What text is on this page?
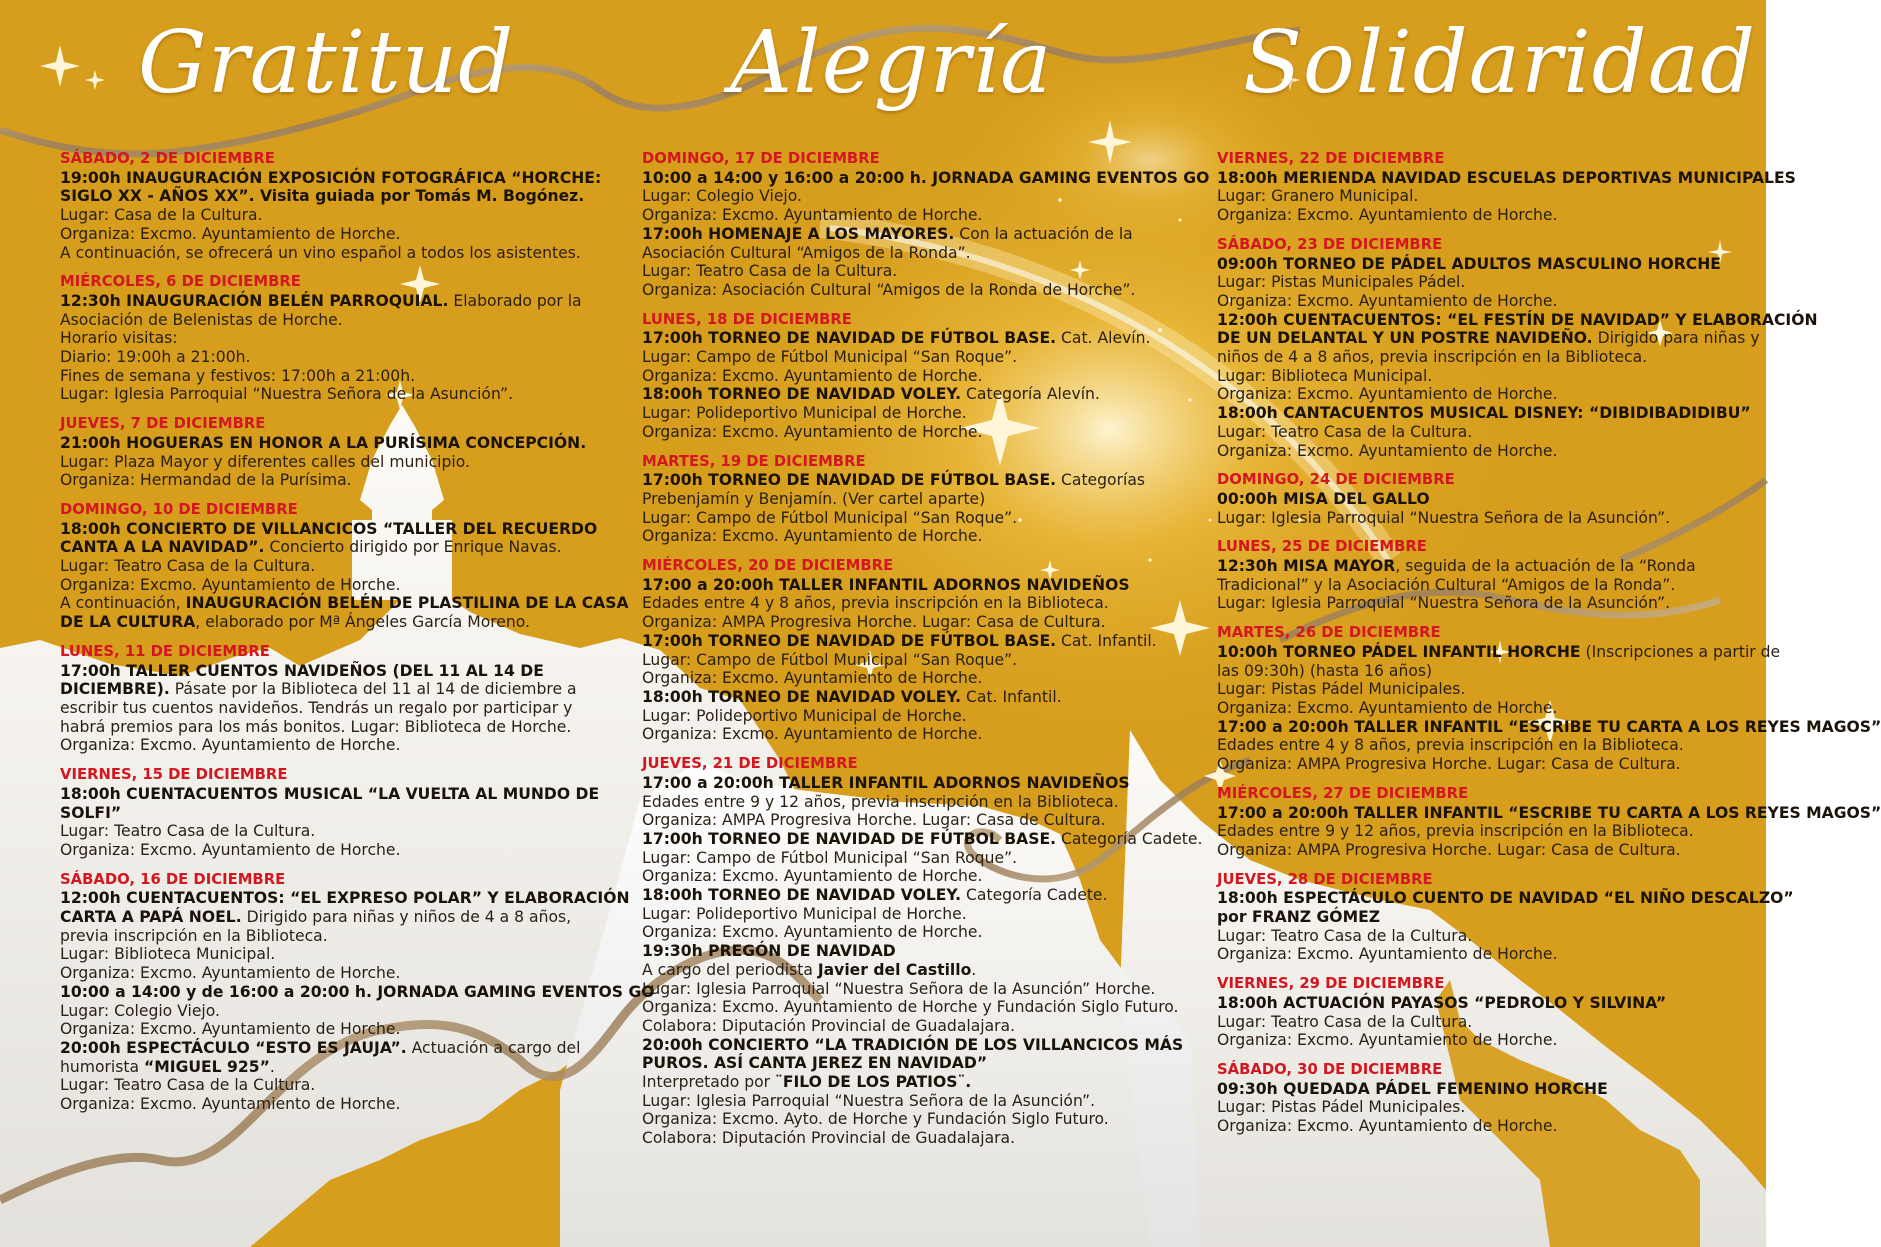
Gratitud	Alegría Solidaridad
SÁBADO, 2 DE DICIEMBRE
19:00h INAUGURACIÓN EXPOSICIÓN FOTOGRÁFICA “HORCHE:
SIGLO XX - AÑOS XX”. Visita guiada por Tomás M. Bogónez.
Lugar: Casa de la Cultura.
Organiza: Excmo. Ayuntamiento de Horche.
A continuación, se ofrecerá un vino español a todos los asistentes.
MIÉRCOLES, 6 DE DICIEMBRE
12:30h INAUGURACIÓN BELÉN PARROQUIAL. Elaborado por la
Asociación de Belenistas de Horche.
Horario visitas:
Diario: 19:00h a 21:00h.
Fines de semana y festivos: 17:00h a 21:00h.
Lugar: Iglesia Parroquial “Nuestra Señora de la Asunción”.
JUEVES, 7 DE DICIEMBRE
21:00h HOGUERAS EN HONOR A LA PURÍSIMA CONCEPCIÓN.
Lugar: Plaza Mayor y diferentes calles del municipio.
Organiza: Hermandad de la Purísima.
DOMINGO, 10 DE DICIEMBRE
18:00h CONCIERTO DE VILLANCICOS “TALLER DEL RECUERDO
CANTA A LA NAVIDAD”. Concierto dirigido por Enrique Navas.
Lugar: Teatro Casa de la Cultura.
Organiza: Excmo. Ayuntamiento de Horche.
A continuación, INAUGURACIÓN BELÉN DE PLASTILINA DE LA CASA
DE LA CULTURA, elaborado por Mª Ángeles García Moreno.
LUNES, 11 DE DICIEMBRE
17:00h TALLER CUENTOS NAVIDEÑOS (DEL 11 AL 14 DE
DICIEMBRE). Pásate por la Biblioteca del 11 al 14 de diciembre a
escribir tus cuentos navideños. Tendrás un regalo por participar y
habrá premios para los más bonitos. Lugar: Biblioteca de Horche.
Organiza: Excmo. Ayuntamiento de Horche.
VIERNES, 15 DE DICIEMBRE
18:00h CUENTACUENTOS MUSICAL “LA VUELTA AL MUNDO DE
SOLFI”
Lugar: Teatro Casa de la Cultura.
Organiza: Excmo. Ayuntamiento de Horche.
SÁBADO, 16 DE DICIEMBRE
12:00h CUENTACUENTOS: “EL EXPRESO POLAR” Y ELABORACIÓN
CARTA A PAPÁ NOEL. Dirigido para niñas y niños de 4 a 8 años,
previa inscripción en la Biblioteca.
Lugar: Biblioteca Municipal.
Organiza: Excmo. Ayuntamiento de Horche.
10:00 a 14:00 y de 16:00 a 20:00 h. JORNADA GAMING EVENTOS GO
Lugar: Colegio Viejo.
Organiza: Excmo. Ayuntamiento de Horche.
20:00h ESPECTÁCULO “ESTO ES JAUJA”. Actuación a cargo del
humorista “MIGUEL 925”.
Lugar: Teatro Casa de la Cultura.
Organiza: Excmo. Ayuntamiento de Horche.
DOMINGO, 17 DE DICIEMBRE
10:00 a 14:00 y 16:00 a 20:00 h. JORNADA GAMING EVENTOS GO
Lugar: Colegio Viejo.
Organiza: Excmo. Ayuntamiento de Horche.
17:00h HOMENAJE A LOS MAYORES. Con la actuación de la
Asociación Cultural “Amigos de la Ronda”.
Lugar: Teatro Casa de la Cultura.
Organiza: Asociación Cultural “Amigos de la Ronda de Horche”.
LUNES, 18 DE DICIEMBRE
17:00h TORNEO DE NAVIDAD DE FÚTBOL BASE. Cat. Alevín.
Lugar: Campo de Fútbol Municipal “San Roque”.
Organiza: Excmo. Ayuntamiento de Horche.
18:00h TORNEO DE NAVIDAD VOLEY. Categoría Alevín.
Lugar: Polideportivo Municipal de Horche.
Organiza: Excmo. Ayuntamiento de Horche.
MARTES, 19 DE DICIEMBRE
17:00h TORNEO DE NAVIDAD DE FÚTBOL BASE. Categorías
Prebenjamín y Benjamín. (Ver cartel aparte)
Lugar: Campo de Fútbol Municipal “San Roque”.
Organiza: Excmo. Ayuntamiento de Horche.
MIÉRCOLES, 20 DE DICIEMBRE
17:00 a 20:00h TALLER INFANTIL ADORNOS NAVIDEÑOS
Edades entre 4 y 8 años, previa inscripción en la Biblioteca.
Organiza: AMPA Progresiva Horche. Lugar: Casa de Cultura.
17:00h TORNEO DE NAVIDAD DE FÚTBOL BASE. Cat. Infantil.
Lugar: Campo de Fútbol Municipal “San Roque”.
Organiza: Excmo. Ayuntamiento de Horche.
18:00h TORNEO DE NAVIDAD VOLEY. Cat. Infantil.
Lugar: Polideportivo Municipal de Horche.
Organiza: Excmo. Ayuntamiento de Horche.
JUEVES, 21 DE DICIEMBRE
17:00 a 20:00h TALLER INFANTIL ADORNOS NAVIDEÑOS
Edades entre 9 y 12 años, previa inscripción en la Biblioteca.
Organiza: AMPA Progresiva Horche. Lugar: Casa de Cultura.
17:00h TORNEO DE NAVIDAD DE FÚTBOL BASE. Categoría Cadete.
Lugar: Campo de Fútbol Municipal “San Roque”.
Organiza: Excmo. Ayuntamiento de Horche.
18:00h TORNEO DE NAVIDAD VOLEY. Categoría Cadete.
Lugar: Polideportivo Municipal de Horche.
Organiza: Excmo. Ayuntamiento de Horche.
19:30h PREGÓN DE NAVIDAD
A cargo del periodista Javier del Castillo.
Lugar: Iglesia Parroquial “Nuestra Señora de la Asunción” Horche.
Organiza: Excmo. Ayuntamiento de Horche y Fundación Siglo Futuro.
Colabora: Diputación Provincial de Guadalajara.
20:00h CONCIERTO “LA TRADICIÓN DE LOS VILLANCICOS MÁS
PUROS. ASÍ CANTA JEREZ EN NAVIDAD”
Interpretado por ¨FILO DE LOS PATIOS¨.
Lugar: Iglesia Parroquial “Nuestra Señora de la Asunción”.
Organiza: Excmo. Ayto. de Horche y Fundación Siglo Futuro.
Colabora: Diputación Provincial de Guadalajara.
VIERNES, 22 DE DICIEMBRE
18:00h MERIENDA NAVIDAD ESCUELAS DEPORTIVAS MUNICIPALES
Lugar: Granero Municipal.
Organiza: Excmo. Ayuntamiento de Horche.
SÁBADO, 23 DE DICIEMBRE
09:00h TORNEO DE PÁDEL ADULTOS MASCULINO HORCHE
Lugar: Pistas Municipales Pádel.
Organiza: Excmo. Ayuntamiento de Horche.
12:00h CUENTACUENTOS: “EL FESTÍN DE NAVIDAD” Y ELABORACIÓN
DE UN DELANTAL Y UN POSTRE NAVIDEÑO. Dirigido para niñas y
niños de 4 a 8 años, previa inscripción en la Biblioteca.
Lugar: Biblioteca Municipal.
Organiza: Excmo. Ayuntamiento de Horche.
18:00h CANTACUENTOS MUSICAL DISNEY: “DIBIDIBADIDIBU”
Lugar: Teatro Casa de la Cultura.
Organiza: Excmo. Ayuntamiento de Horche.
DOMINGO, 24 DE DICIEMBRE
00:00h MISA DEL GALLO
Lugar: Iglesia Parroquial “Nuestra Señora de la Asunción”.
LUNES, 25 DE DICIEMBRE
12:30h MISA MAYOR, seguida de la actuación de la “Ronda
Tradicional” y la Asociación Cultural “Amigos de la Ronda”.
Lugar: Iglesia Parroquial “Nuestra Señora de la Asunción”.
MARTES, 26 DE DICIEMBRE
10:00h TORNEO PÁDEL INFANTIL HORCHE (Inscripciones a partir de
las 09:30h) (hasta 16 años)
Lugar: Pistas Pádel Municipales.
Organiza: Excmo. Ayuntamiento de Horche.
17:00 a 20:00h TALLER INFANTIL “ESCRIBE TU CARTA A LOS REYES MAGOS”
Edades entre 4 y 8 años, previa inscripción en la Biblioteca.
Organiza: AMPA Progresiva Horche. Lugar: Casa de Cultura.
MIÉRCOLES, 27 DE DICIEMBRE
17:00 a 20:00h TALLER INFANTIL “ESCRIBE TU CARTA A LOS REYES MAGOS”
Edades entre 9 y 12 años, previa inscripción en la Biblioteca.
Organiza: AMPA Progresiva Horche. Lugar: Casa de Cultura.
JUEVES, 28 DE DICIEMBRE
18:00h ESPECTÁCULO CUENTO DE NAVIDAD “EL NIÑO DESCALZO”
por FRANZ GÓMEZ
Lugar: Teatro Casa de la Cultura.
Organiza: Excmo. Ayuntamiento de Horche.
VIERNES, 29 DE DICIEMBRE
18:00h ACTUACIÓN PAYASOS “PEDROLO Y SILVINA”
Lugar: Teatro Casa de la Cultura.
Organiza: Excmo. Ayuntamiento de Horche.
SÁBADO, 30 DE DICIEMBRE
09:30h QUEDADA PÁDEL FEMENINO HORCHE
Lugar: Pistas Pádel Municipales.
Organiza: Excmo. Ayuntamiento de Horche.
